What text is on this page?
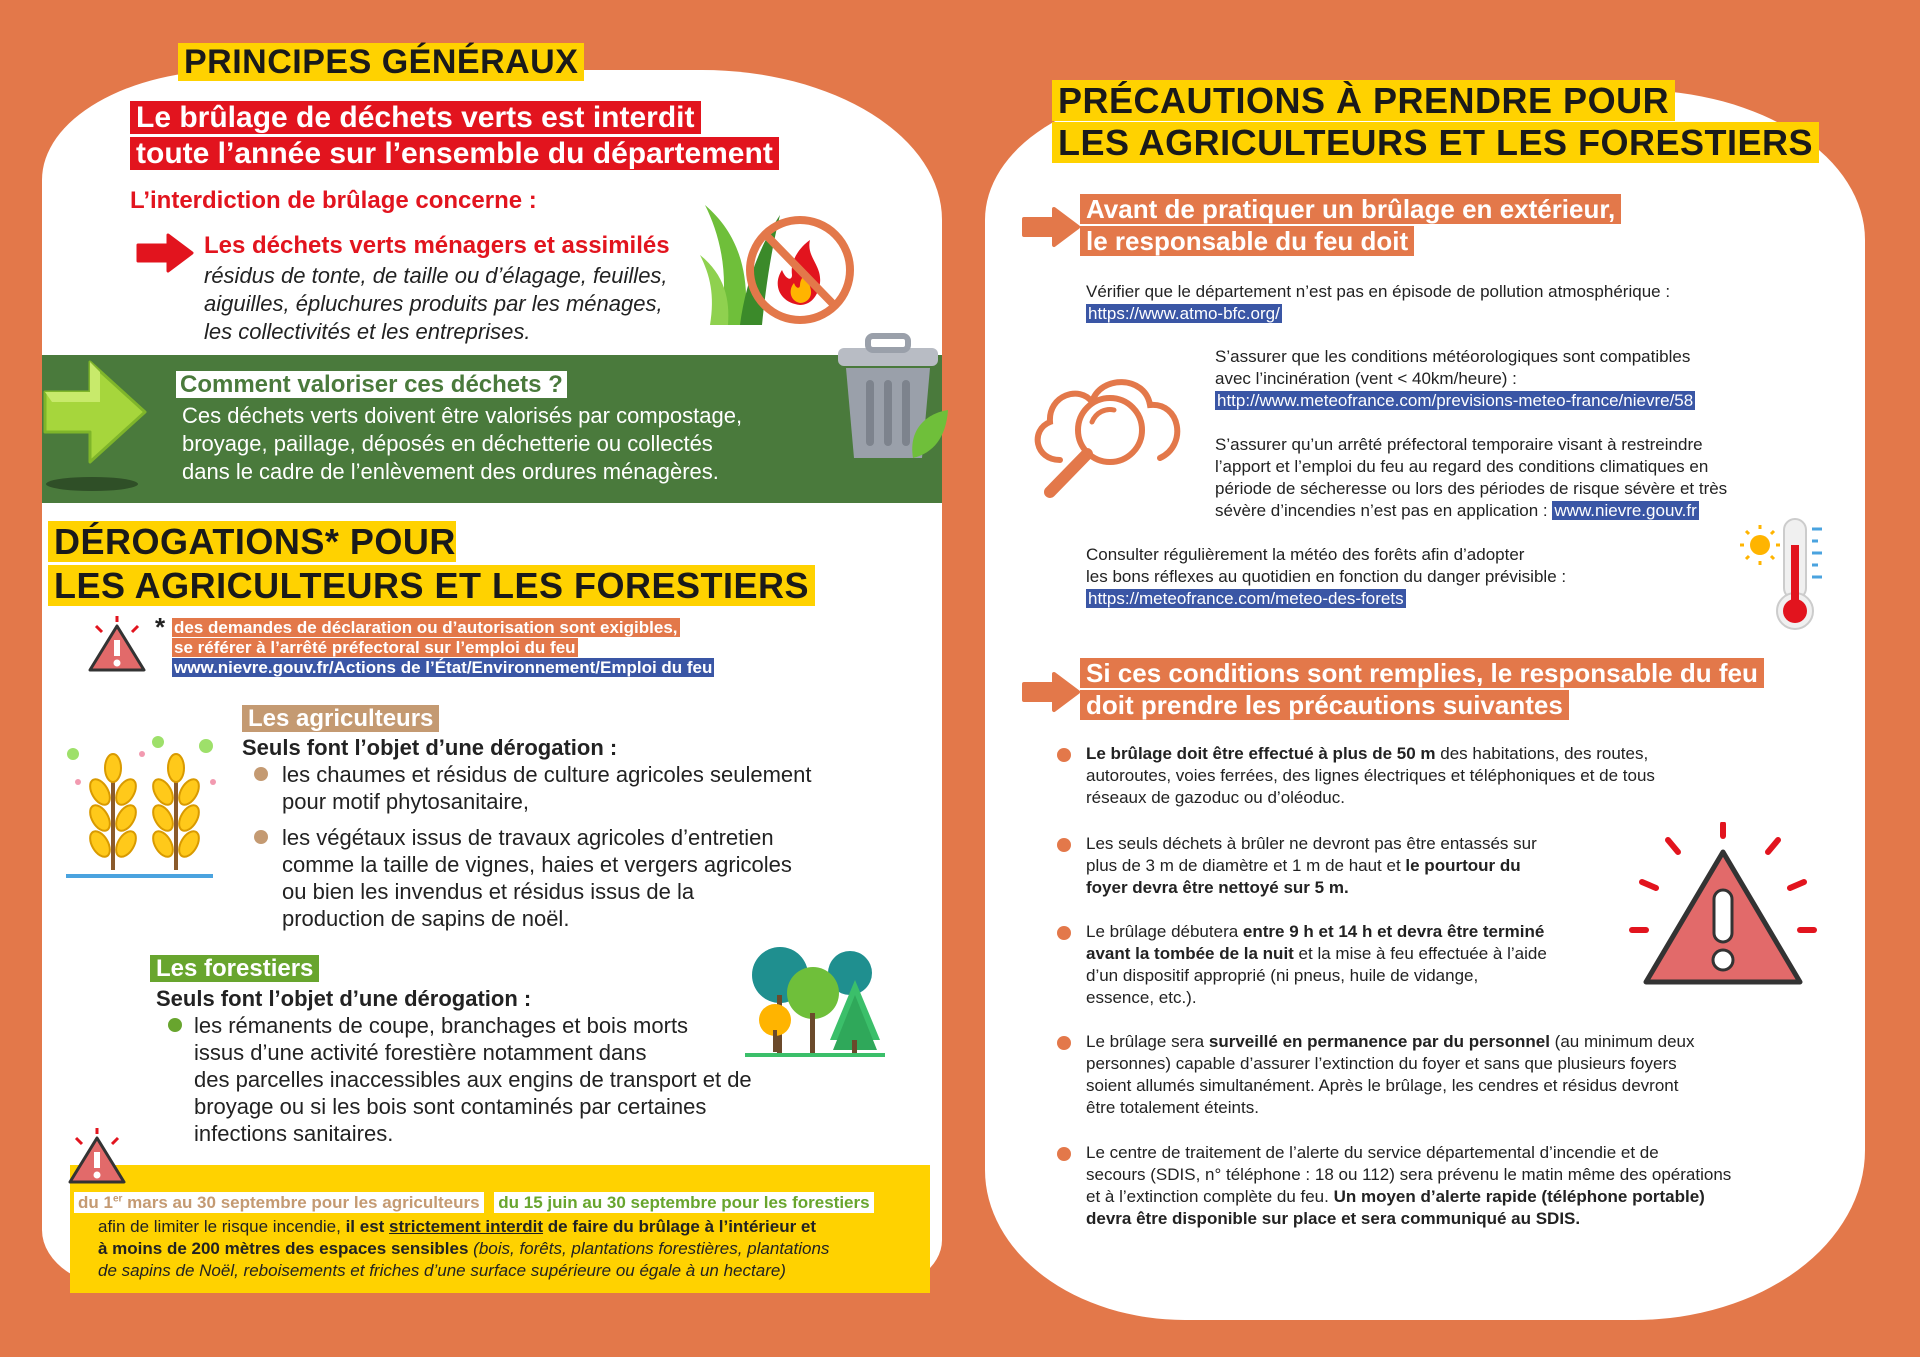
PRINCIPES GÉNÉRAUX
Le brûlage de déchets verts est interdit
toute l’année sur l’ensemble du département
L’interdiction de brûlage concerne :
Les déchets verts ménagers et assimilés
résidus de tonte, de taille ou d’élagage, feuilles,
aiguilles, épluchures produits par les ménages,
les collectivités et les entreprises.
Comment valoriser ces déchets ?
Ces déchets verts doivent être valorisés par compostage,
broyage, paillage, déposés en déchetterie ou collectés
dans le cadre de l’enlèvement des ordures ménagères.
DÉROGATIONS* POUR
LES AGRICULTEURS ET LES FORESTIERS
* des demandes de déclaration ou d’autorisation sont exigibles,
se référer à l’arrêté préfectoral sur l’emploi du feu
www.nievre.gouv.fr/Actions de l’État/Environnement/Emploi du feu
Les agriculteurs
Seuls font l’objet d’une dérogation :
les chaumes et résidus de culture agricoles seulement
pour motif phytosanitaire,
les végétaux issus de travaux agricoles d’entretien
comme la taille de vignes, haies et vergers agricoles
ou bien les invendus et résidus issus de la
production de sapins de noël.
Les forestiers
Seuls font l’objet d’une dérogation :
les rémanents de coupe, branchages et bois morts
issus d’une activité forestière notamment dans
des parcelles inaccessibles aux engins de transport et de
broyage ou si les bois sont contaminés par certaines
infections sanitaires.
du 1er mars au 30 septembre pour les agriculteurs du 15 juin au 30 septembre pour les forestiers
afin de limiter le risque incendie, il est strictement interdit de faire du brûlage à l’intérieur et
à moins de 200 mètres des espaces sensibles (bois, forêts, plantations forestières, plantations
de sapins de Noël, reboisements et friches d’une surface supérieure ou égale à un hectare)
PRÉCAUTIONS À PRENDRE POUR
LES AGRICULTEURS ET LES FORESTIERS
Avant de pratiquer un brûlage en extérieur,
le responsable du feu doit
Vérifier que le département n’est pas en épisode de pollution atmosphérique :
https://www.atmo-bfc.org/
S’assurer que les conditions météorologiques sont compatibles
avec l’incinération (vent < 40km/heure) :
http://www.meteofrance.com/previsions-meteo-france/nievre/58
S’assurer qu’un arrêté préfectoral temporaire visant à restreindre
l’apport et l’emploi du feu au regard des conditions climatiques en
période de sécheresse ou lors des périodes de risque sévère et très
sévère d’incendies n’est pas en application : www.nievre.gouv.fr
Consulter régulièrement la météo des forêts afin d’adopter
les bons réflexes au quotidien en fonction du danger prévisible :
https://meteofrance.com/meteo-des-forets
Si ces conditions sont remplies, le responsable du feu
doit prendre les précautions suivantes
Le brûlage doit être effectué à plus de 50 m des habitations, des routes,
autoroutes, voies ferrées, des lignes électriques et téléphoniques et de tous
réseaux de gazoduc ou d’oléoduc.
Les seuls déchets à brûler ne devront pas être entassés sur
plus de 3 m de diamètre et 1 m de haut et le pourtour du
foyer devra être nettoyé sur 5 m.
Le brûlage débutera entre 9 h et 14 h et devra être terminé
avant la tombée de la nuit et la mise à feu effectuée à l’aide
d’un dispositif approprié (ni pneus, huile de vidange,
essence, etc.).
Le brûlage sera surveillé en permanence par du personnel (au minimum deux
personnes) capable d’assurer l’extinction du foyer et sans que plusieurs foyers
soient allumés simultanément. Après le brûlage, les cendres et résidus devront
être totalement éteints.
Le centre de traitement de l’alerte du service départemental d’incendie et de
secours (SDIS, n° téléphone : 18 ou 112) sera prévenu le matin même des opérations
et à l’extinction complète du feu. Un moyen d’alerte rapide (téléphone portable)
devra être disponible sur place et sera communiqué au SDIS.
